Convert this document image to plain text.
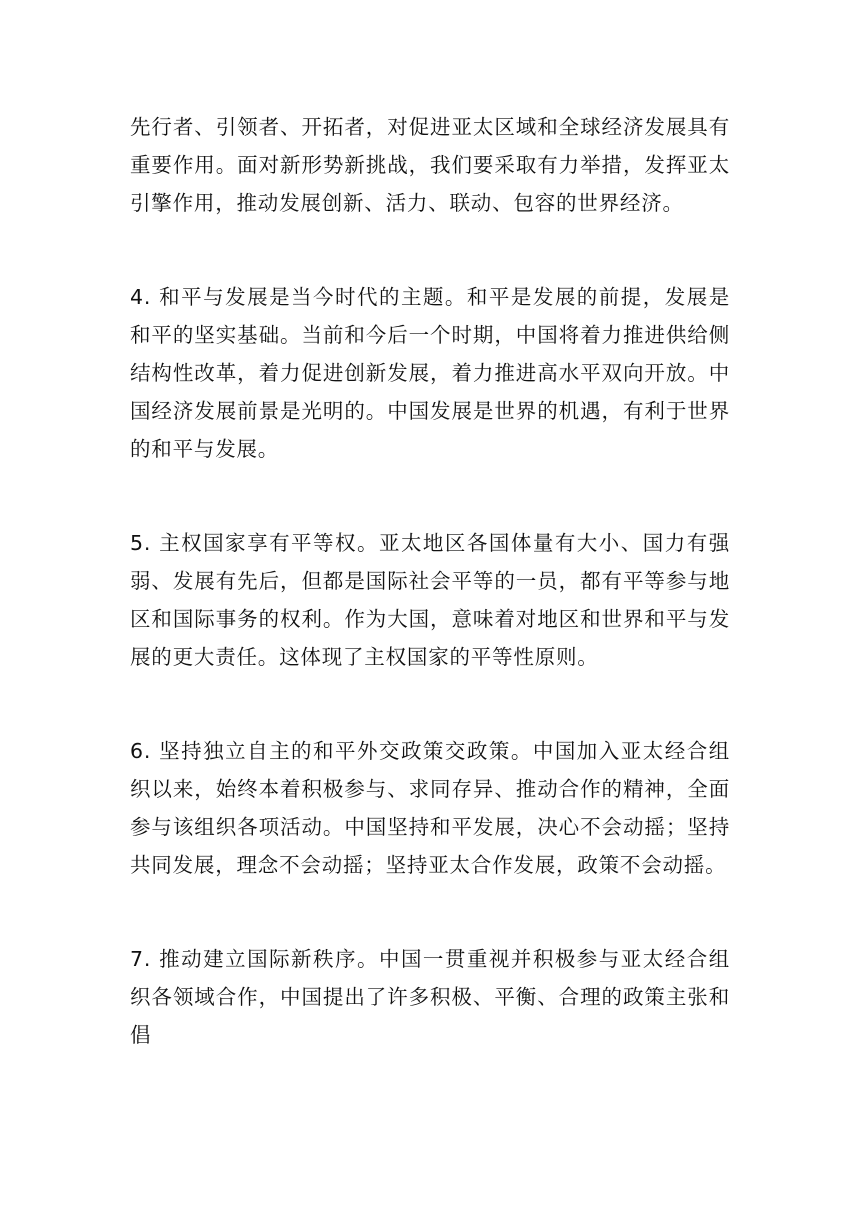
先行者、引领者、开拓者，对促进亚太区域和全球经济发展具有重要作用。面对新形势新挑战，我们要采取有力举措，发挥亚太引擎作用，推动发展创新、活力、联动、包容的世界经济。

4. 和平与发展是当今时代的主题。和平是发展的前提，发展是和平的坚实基础。当前和今后一个时期，中国将着力推进供给侧结构性改革，着力促进创新发展，着力推进高水平双向开放。中国经济发展前景是光明的。中国发展是世界的机遇，有利于世界的和平与发展。

5. 主权国家享有平等权。亚太地区各国体量有大小、国力有强弱、发展有先后，但都是国际社会平等的一员，都有平等参与地区和国际事务的权利。作为大国，意味着对地区和世界和平与发展的更大责任。这体现了主权国家的平等性原则。

6. 坚持独立自主的和平外交政策交政策。中国加入亚太经合组织以来，始终本着积极参与、求同存异、推动合作的精神，全面参与该组织各项活动。中国坚持和平发展，决心不会动摇；坚持共同发展，理念不会动摇；坚持亚太合作发展，政策不会动摇。

7. 推动建立国际新秩序。中国一贯重视并积极参与亚太经合组织各领域合作，中国提出了许多积极、平衡、合理的政策主张和倡
